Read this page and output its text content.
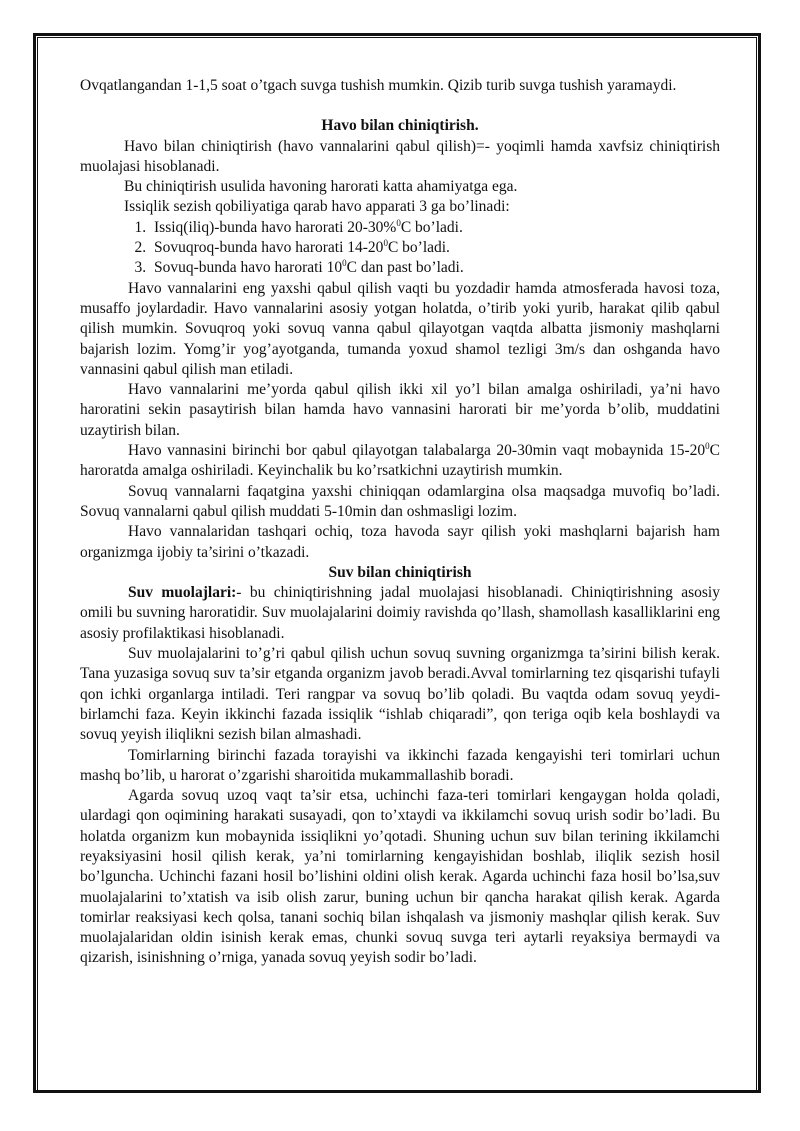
Ovqatlangandan 1-1,5 soat o’tgach suvga tushish mumkin. Qizib turib suvga tushish yaramaydi.

Havo bilan chiniqtirish.

Havo bilan chiniqtirish (havo vannalarini qabul qilish)=- yoqimli hamda xavfsiz chiniqtirish muolajasi hisoblanadi.

Bu chiniqtirish usulida havoning harorati katta ahamiyatga ega.

Issiqlik sezish qobiliyatiga qarab havo apparati 3 ga bo’linadi:

1. Issiq(iliq)-bunda havo harorati 20-30%$^0$C bo’ladi.
2. Sovuqroq-bunda havo harorati $14-20^0C$ bo’ladi.
3. Sovuq-bunda havo harorati $10^0C$ dan past bo’ladi.

Havo vannalarini eng yaxshi qabul qilish vaqti bu yozdadir hamda atmosferada havosi toza, musaffo joylardadir. Havo vannalarini asosiy yotgan holatda, o’tirib yoki yurib, harakat qilib qabul qilish mumkin. Sovuqroq yoki sovuq vanna qabul qilayotgan vaqtda albatta jismoniy mashqlarni bajarish lozim. Yomg’ir yog’ayotganda, tumanda yoxud shamol tezligi 3m/s dan oshganda havo vannasini qabul qilish man etiladi.

Havo vannalarini me’yorda qabul qilish ikki xil yo’l bilan amalga oshiriladi, ya’ni havo haroratini sekin pasaytirish bilan hamda havo vannasini harorati bir me’yorda b’olib, muddatini uzaytirish bilan.

Havo vannasini birinchi bor qabul qilayotgan talabalarga 20-30min vaqt mobaynida $15-20^0C$ haroratda amalga oshiriladi. Keyinchalik bu ko’rsatkichni uzaytirish mumkin.

Sovuq vannalarni faqatgina yaxshi chiniqqan odamlargina olsa maqsadga muvofiq bo’ladi. Sovuq vannalarni qabul qilish muddati 5-10min dan oshmasligi lozim.

Havo vannalaridan tashqari ochiq, toza havoda sayr qilish yoki mashqlarni bajarish ham organizmga ijobiy ta’sirini o’tkazadi.

Suv bilan chiniqtirish

Suv muolajlari:- bu chiniqtirishning jadal muolajasi hisoblanadi. Chiniqtirishning asosiy omili bu suvning haroratidir. Suv muolajalarini doimiy ravishda qo’llash, shamollash kasalliklarini eng asosiy profilaktikasi hisoblanadi.

Suv muolajalarini to’g’ri qabul qilish uchun sovuq suvning organizmga ta’sirini bilish kerak. Tana yuzasiga sovuq suv ta’sir etganda organizm javob beradi.Avval tomirlarning tez qisqarishi tufayli qon ichki organlarga intiladi. Teri rangpar va sovuq bo’lib qoladi. Bu vaqtda odam sovuq yeydi-birlamchi faza. Keyin ikkinchi fazada issiqlik “ishlab chiqaradi”, qon teriga oqib kela boshlaydi va sovuq yeyish iliqlikni sezish bilan almashadi.

Tomirlarning birinchi fazada torayishi va ikkinchi fazada kengayishi teri tomirlari uchun mashq bo’lib, u harorat o’zgarishi sharoitida mukammallashib boradi.

Agarda sovuq uzoq vaqt ta’sir etsa, uchinchi faza-teri tomirlari kengaygan holda qoladi, ulardagi qon oqimining harakati susayadi, qon to’xtaydi va ikkilamchi sovuq urish sodir bo’ladi. Bu holatda organizm kun mobaynida issiqlikni yo’qotadi. Shuning uchun suv bilan terining ikkilamchi reyaksiyasini hosil qilish kerak, ya’ni tomirlarning kengayishidan boshlab, iliqlik sezish hosil bo’lguncha. Uchinchi fazani hosil bo’lishini oldini olish kerak. Agarda uchinchi faza hosil bo’lsa,suv muolajalarini to’xtatish va isib olish zarur, buning uchun bir qancha harakat qilish kerak. Agarda tomirlar reaksiyasi kech qolsa, tanani sochiq bilan ishqalash va jismoniy mashqlar qilish kerak. Suv muolajalaridan oldin isinish kerak emas, chunki sovuq suvga teri aytarli reyaksiya bermaydi va qizarish, isinishning o’rniga, yanada sovuq yeyish sodir bo’ladi.
